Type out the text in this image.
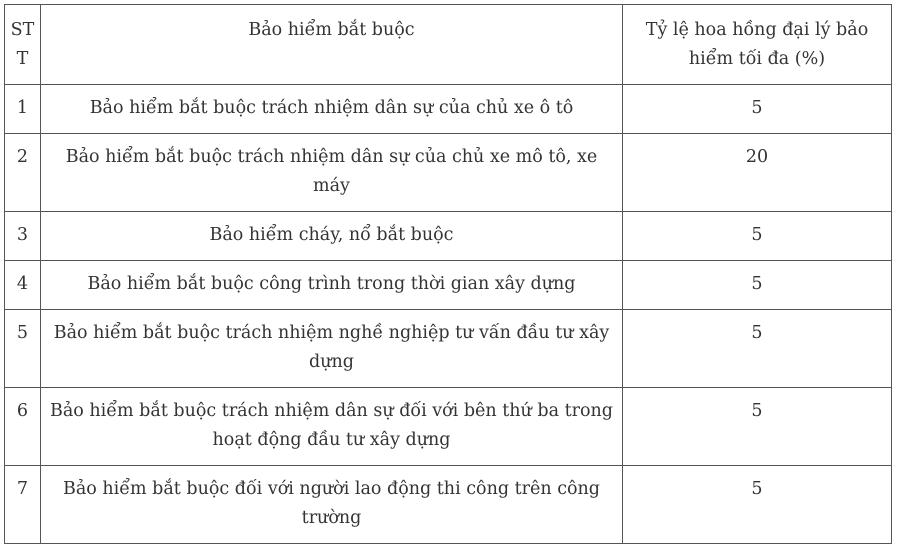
STT	Bảo hiểm bắt buộc	Tỷ lệ hoa hồng đại lý bảo hiểm tối đa (%)
1	Bảo hiểm bắt buộc trách nhiệm dân sự của chủ xe ô tô	5
2	Bảo hiểm bắt buộc trách nhiệm dân sự của chủ xe mô tô, xe máy	20
3	Bảo hiểm cháy, nổ bắt buộc	5
4	Bảo hiểm bắt buộc công trình trong thời gian xây dựng	5
5	Bảo hiểm bắt buộc trách nhiệm nghề nghiệp tư vấn đầu tư xây dựng	5
6	Bảo hiểm bắt buộc trách nhiệm dân sự đối với bên thứ ba trong hoạt động đầu tư xây dựng	5
7	Bảo hiểm bắt buộc đối với người lao động thi công trên công trường	5
